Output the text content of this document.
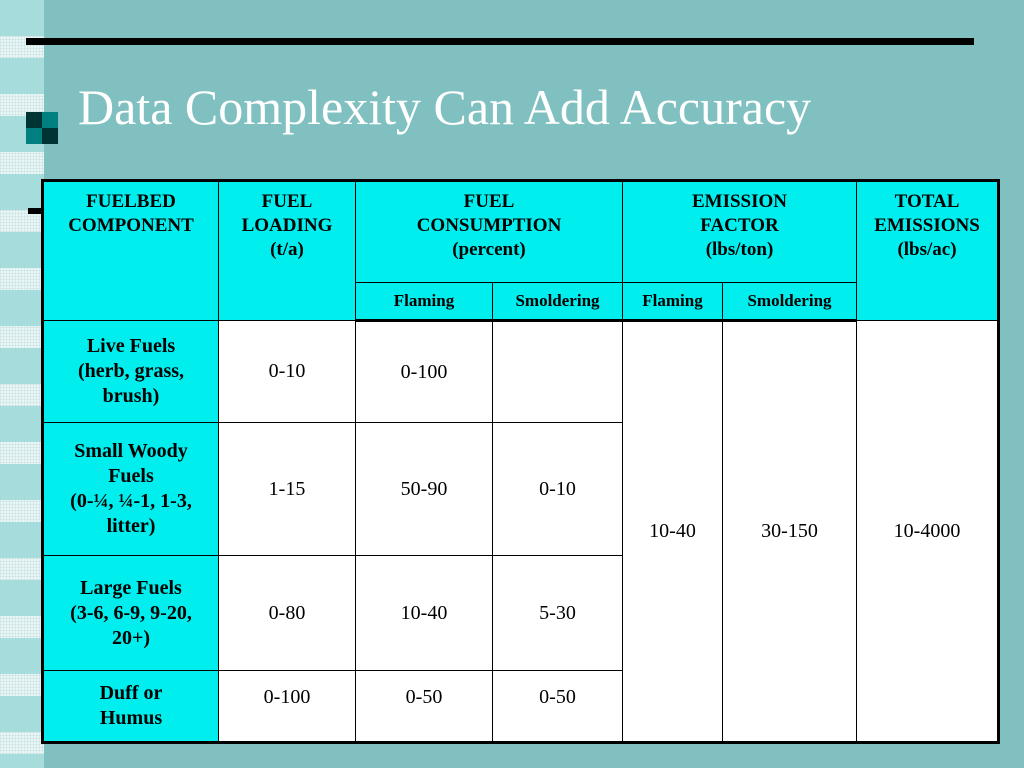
Data Complexity Can Add Accuracy
FUELBED
COMPONENT	FUEL
LOADING
(t/a)	FUEL
CONSUMPTION
(percent)		EMISSION
FACTOR
(lbs/ton)		TOTAL
EMISSIONS
(lbs/ac)

		Flaming	Smoldering	Flaming	Smoldering	

Live Fuels
(herb, grass,
brush)	0-10	0-100		10-40	30-150	10-4000

Small Woody
Fuels
(0-¼, ¼-1, 1-3,
litter)	1-15	50-90	0-10			

Large Fuels
(3-6, 6-9, 9-20,
20+)	0-80	10-40	5-30			

Duff or
Humus	0-100	0-50	0-50			
